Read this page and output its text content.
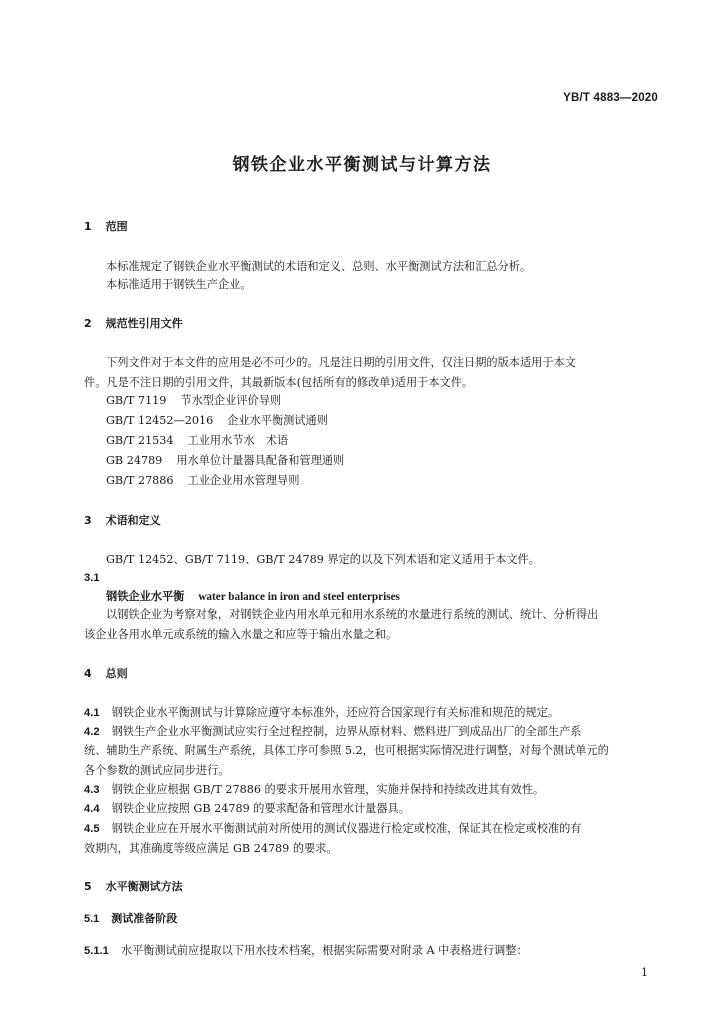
YB/T 4883—2020
钢铁企业水平衡测试与计算方法
1 范围
本标准规定了钢铁企业水平衡测试的术语和定义、总则、水平衡测试方法和汇总分析。
本标准适用于钢铁生产企业。
2 规范性引用文件
下列文件对于本文件的应用是必不可少的。凡是注日期的引用文件，仅注日期的版本适用于本文
件。凡是不注日期的引用文件，其最新版本(包括所有的修改单)适用于本文件。
GB/T 7119 节水型企业评价导则
GB/T 12452—2016 企业水平衡测试通则
GB/T 21534 工业用水节水　术语
GB 24789 用水单位计量器具配备和管理通则
GB/T 27886 工业企业用水管理导则
3 术语和定义
GB/T 12452、GB/T 7119、GB/T 24789 界定的以及下列术语和定义适用于本文件。
3.1
钢铁企业水平衡 water balance in iron and steel enterprises
以钢铁企业为考察对象，对钢铁企业内用水单元和用水系统的水量进行系统的测试、统计、分析得出
该企业各用水单元或系统的输入水量之和应等于输出水量之和。
4 总则
4.1 钢铁企业水平衡测试与计算除应遵守本标准外，还应符合国家现行有关标准和规范的规定。
4.2 钢铁生产企业水平衡测试应实行全过程控制，边界从原材料、燃料进厂到成品出厂的全部生产系
统、辅助生产系统、附属生产系统，具体工序可参照 5.2，也可根据实际情况进行调整，对每个测试单元的
各个参数的测试应同步进行。
4.3 钢铁企业应根据 GB/T 27886 的要求开展用水管理，实施并保持和持续改进其有效性。
4.4 钢铁企业应按照 GB 24789 的要求配备和管理水计量器具。
4.5 钢铁企业应在开展水平衡测试前对所使用的测试仪器进行检定或校准，保证其在检定或校准的有
效期内，其准确度等级应满足 GB 24789 的要求。
5 水平衡测试方法
5.1 测试准备阶段
5.1.1 水平衡测试前应提取以下用水技术档案，根据实际需要对附录 A 中表格进行调整：
1
